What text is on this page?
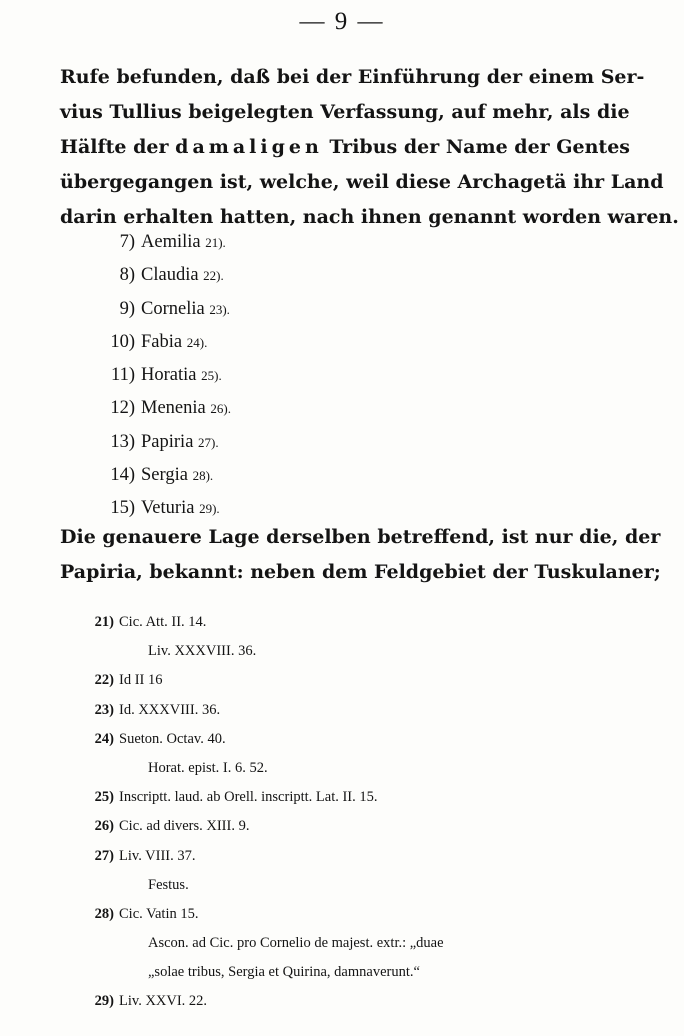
— 9 —
Rufe befunden, daß bei der Einführung der einem Ser-
vius Tullius beigelegten Verfassung, auf mehr, als die
Hälfte der damaligen Tribus der Name der Gentes
übergegangen ist, welche, weil diese Archagetä ihr Land
darin erhalten hatten, nach ihnen genannt worden waren.
7) Aemilia 21).
8) Claudia 22).
9) Cornelia 23).
10) Fabia 24).
11) Horatia 25).
12) Menenia 26).
13) Papiria 27).
14) Sergia 28).
15) Veturia 29).
Die genauere Lage derselben betreffend, ist nur die, der
Papiria, bekannt: neben dem Feldgebiet der Tuskulaner;
21) Cic. Att. II. 14.
Liv. XXXVIII. 36.
22) Id II 16
23) Id. XXXVIII. 36.
24) Sueton. Octav. 40.
Horat. epist. I. 6. 52.
25) Inscriptt. laud. ab Orell. inscriptt. Lat. II. 15.
26) Cic. ad divers. XIII. 9.
27) Liv. VIII. 37.
Festus.
28) Cic. Vatin 15.
Ascon. ad Cic. pro Cornelio de majest. extr.: „duae
„solae tribus, Sergia et Quirina, damnaverunt.“
29) Liv. XXVI. 22.
